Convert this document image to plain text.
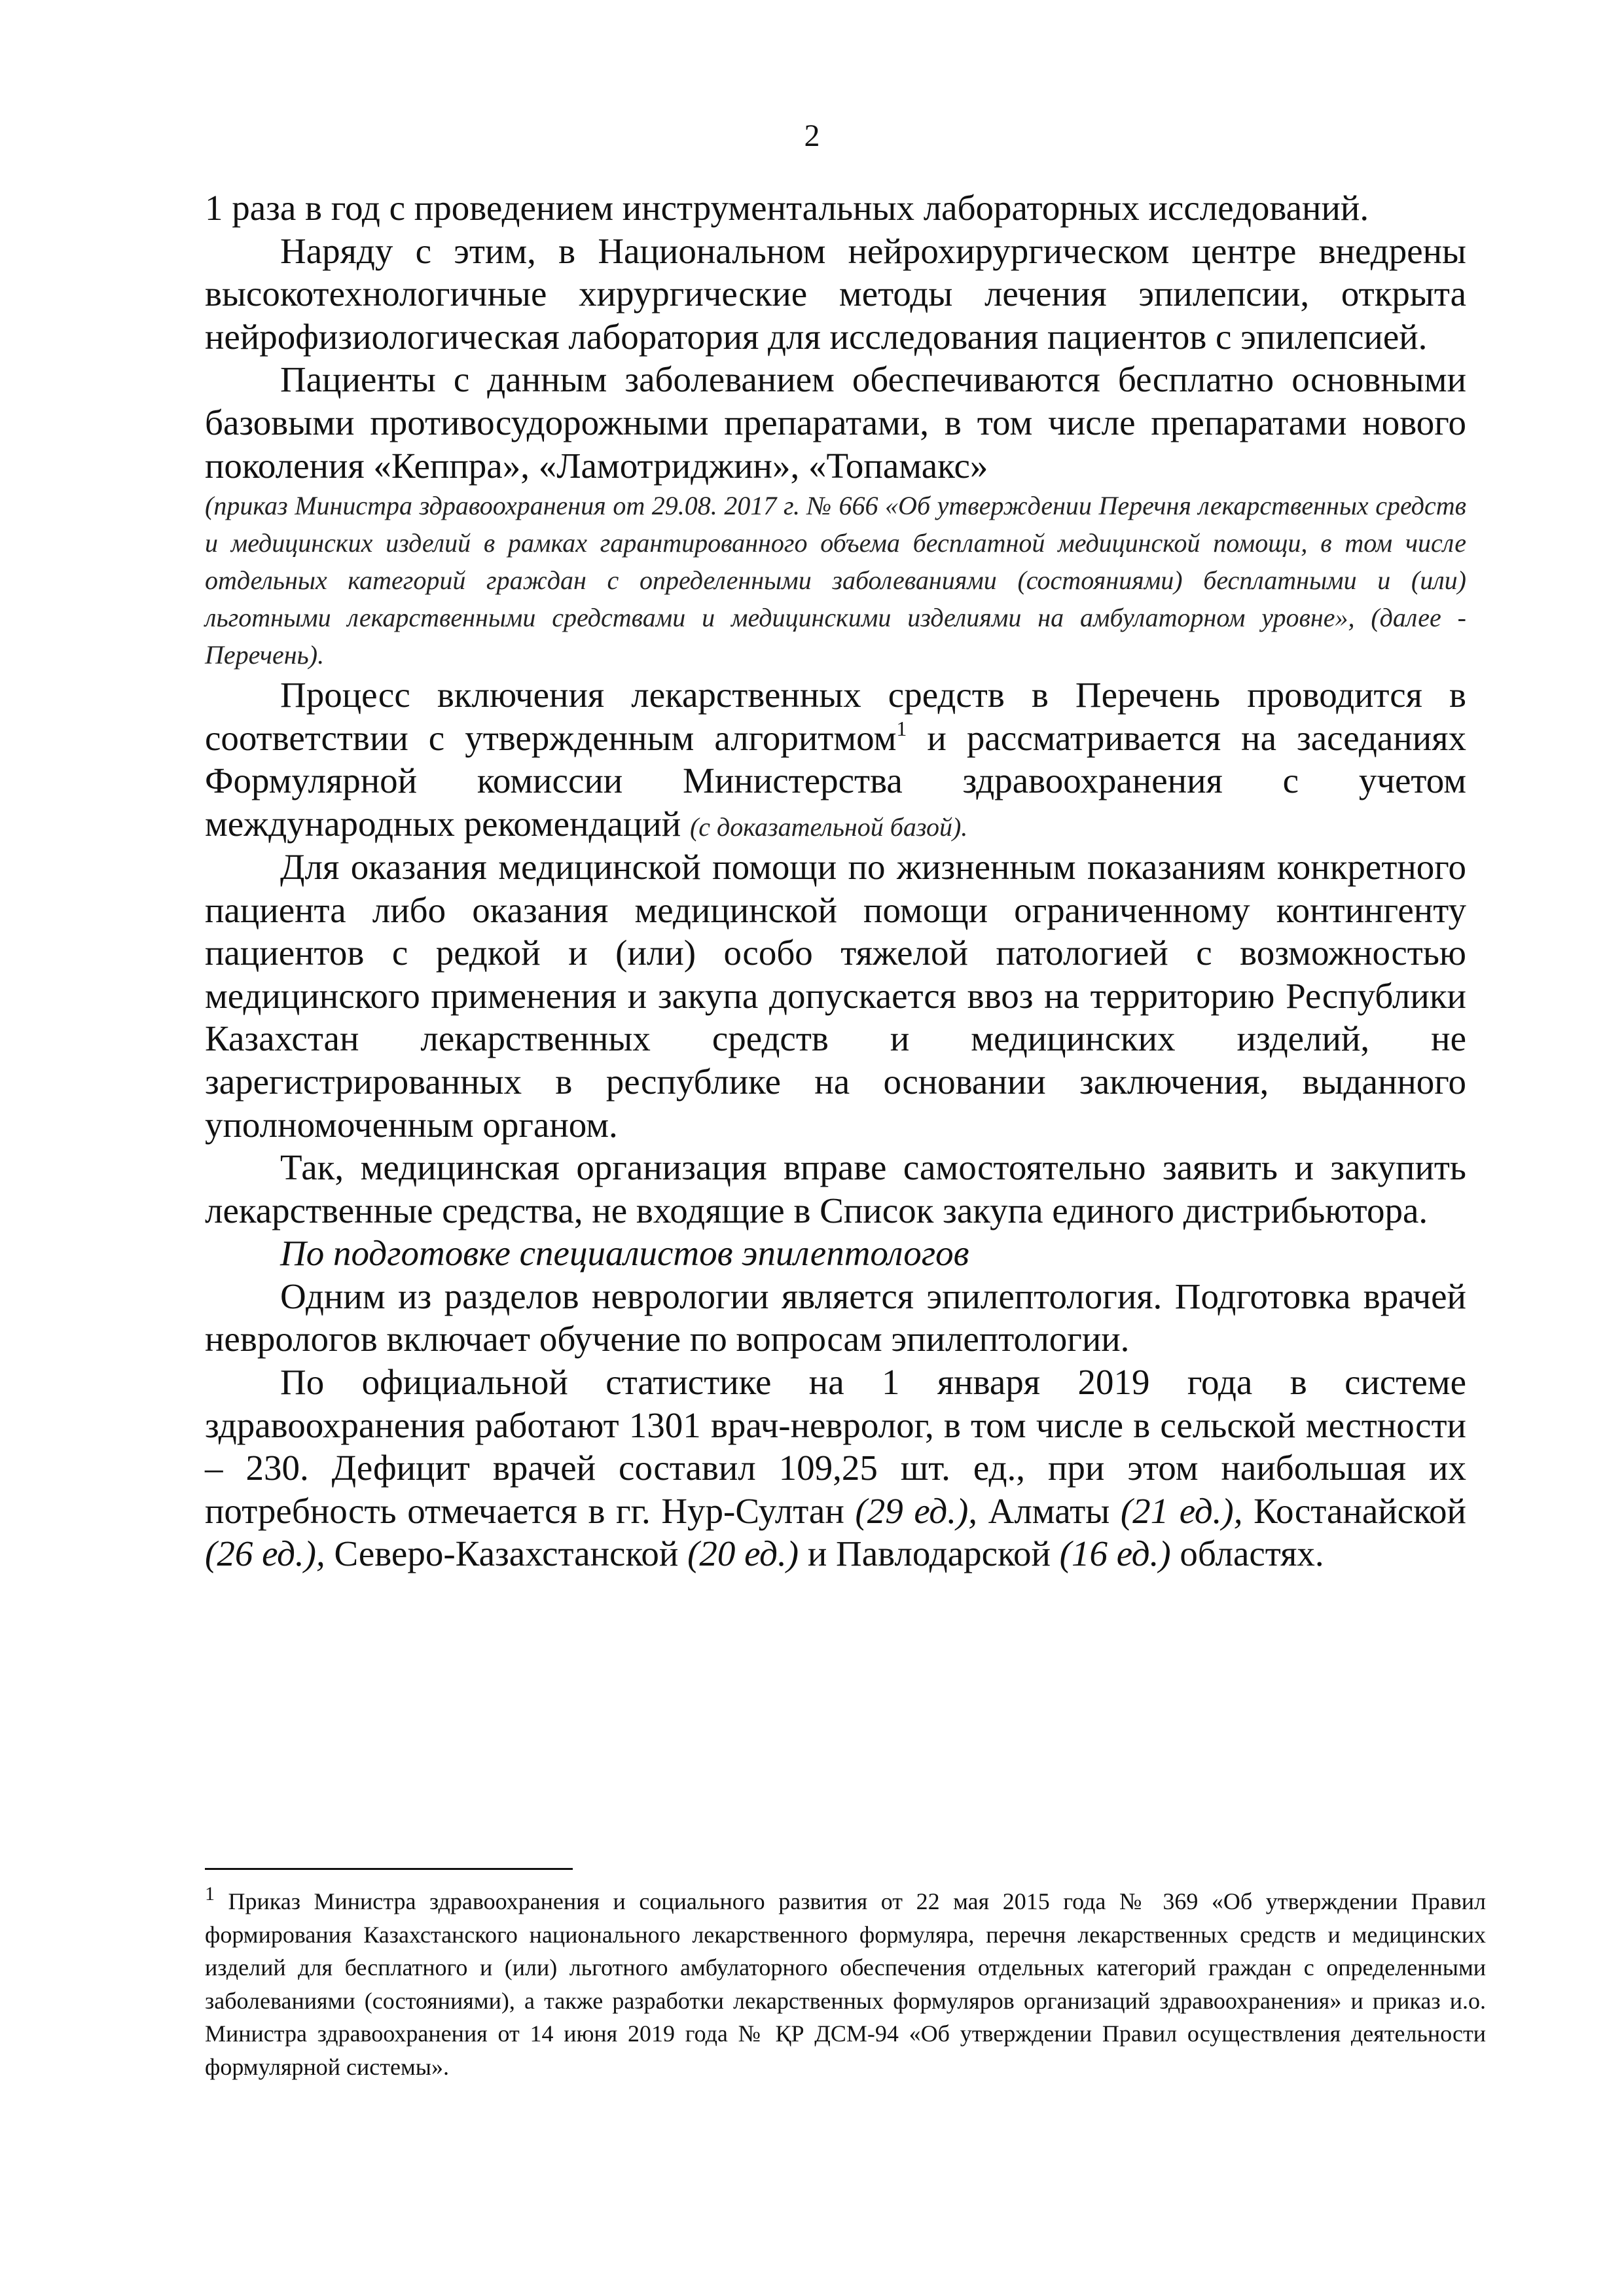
2

1 раза в год с проведением инструментальных лабораторных исследований.

Наряду с этим, в Национальном нейрохирургическом центре внедрены высокотехнологичные хирургические методы лечения эпилепсии, открыта нейрофизиологическая лаборатория для исследования пациентов с эпилепсией.

Пациенты с данным заболеванием обеспечиваются бесплатно основными базовыми противосудорожными препаратами, в том числе препаратами нового поколения «Кеппра», «Ламотриджин», «Топамакс»

(приказ Министра здравоохранения от 29.08. 2017 г. № 666 «Об утверждении Перечня лекарственных средств и медицинских изделий в рамках гарантированного объема бесплатной медицинской помощи, в том числе отдельных категорий граждан с определенными заболеваниями (состояниями) бесплатными и (или) льготными лекарственными средствами и медицинскими изделиями на амбулаторном уровне», (далее - Перечень).

Процесс включения лекарственных средств в Перечень проводится в соответствии с утвержденным алгоритмом$^1$ и рассматривается на заседаниях Формулярной комиссии Министерства здравоохранения с учетом международных рекомендаций (с доказательной базой).

Для оказания медицинской помощи по жизненным показаниям конкретного пациента либо оказания медицинской помощи ограниченному контингенту пациентов с редкой и (или) особо тяжелой патологией с возможностью медицинского применения и закупа допускается ввоз на территорию Республики Казахстан лекарственных средств и медицинских изделий, не зарегистрированных в республике на основании заключения, выданного уполномоченным органом.

Так, медицинская организация вправе самостоятельно заявить и закупить лекарственные средства, не входящие в Список закупа единого дистрибьютора.

По подготовке специалистов эпилептологов

Одним из разделов неврологии является эпилептология. Подготовка врачей неврологов включает обучение по вопросам эпилептологии.

По официальной статистике на 1 января 2019 года в системе здравоохранения работают 1301 врач-невролог, в том числе в сельской местности – 230. Дефицит врачей составил 109,25 шт. ед., при этом наибольшая их потребность отмечается в гг. Нур-Султан (29 ед.), Алматы (21 ед.), Костанайской (26 ед.), Северо-Казахстанской (20 ед.) и Павлодарской (16 ед.) областях.

$^1$ Приказ Министра здравоохранения и социального развития от 22 мая 2015 года № 369 «Об утверждении Правил формирования Казахстанского национального лекарственного формуляра, перечня лекарственных средств и медицинских изделий для бесплатного и (или) льготного амбулаторного обеспечения отдельных категорий граждан с определенными заболеваниями (состояниями), а также разработки лекарственных формуляров организаций здравоохранения» и приказ и.о. Министра здравоохранения от 14 июня 2019 года № ҚР ДСМ-94 «Об утверждении Правил осуществления деятельности формулярной системы».
